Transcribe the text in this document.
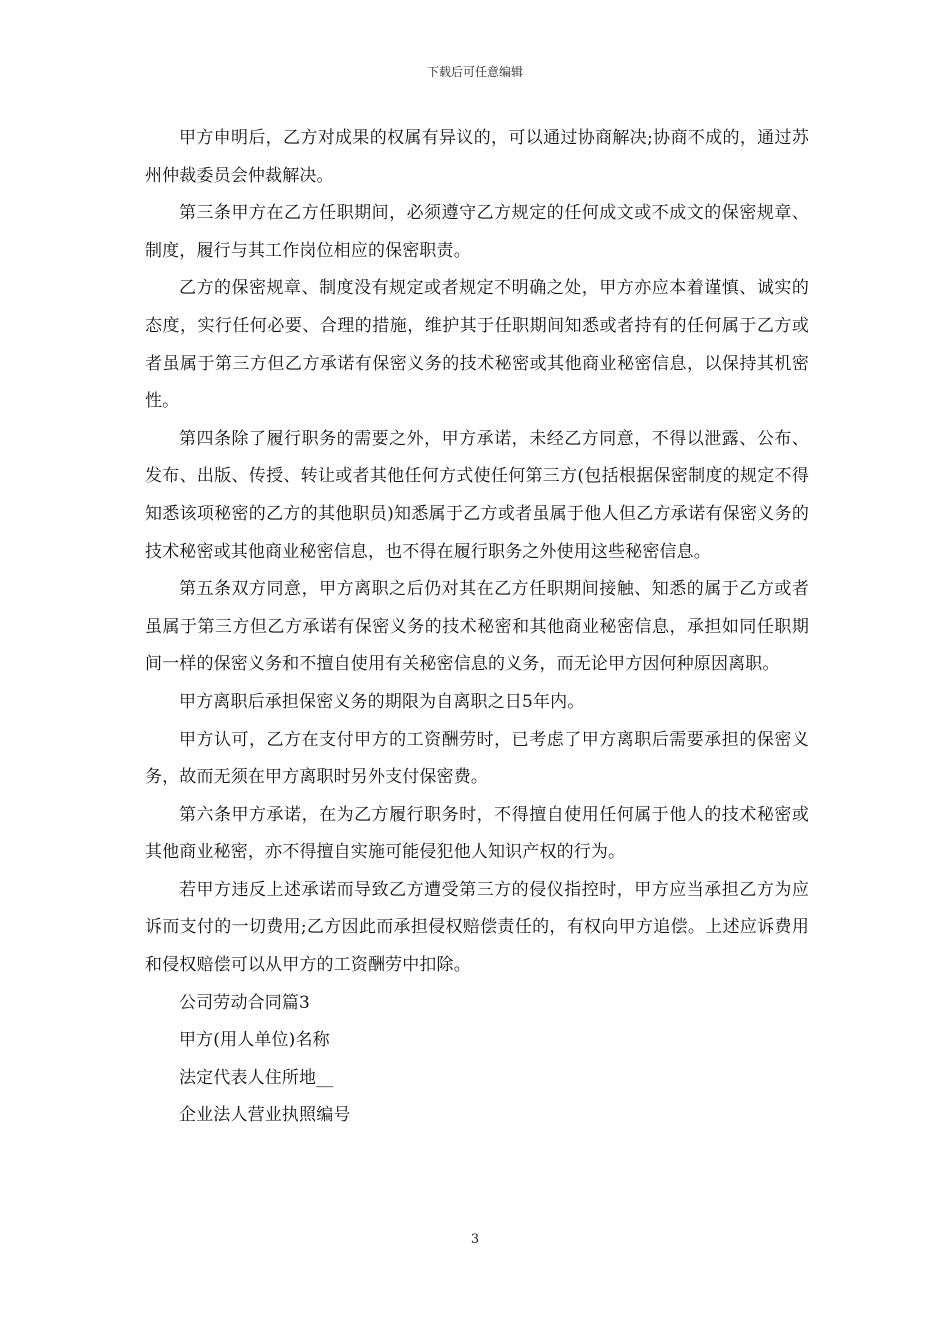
下载后可任意编辑

甲方申明后，乙方对成果的权属有异议的，可以通过协商解决;协商不成的，通过苏州仲裁委员会仲裁解决。

第三条甲方在乙方任职期间，必须遵守乙方规定的任何成文或不成文的保密规章、制度，履行与其工作岗位相应的保密职责。

乙方的保密规章、制度没有规定或者规定不明确之处，甲方亦应本着谨慎、诚实的态度，实行任何必要、合理的措施，维护其于任职期间知悉或者持有的任何属于乙方或者虽属于第三方但乙方承诺有保密义务的技术秘密或其他商业秘密信息，以保持其机密性。

第四条除了履行职务的需要之外，甲方承诺，未经乙方同意，不得以泄露、公布、发布、出版、传授、转让或者其他任何方式使任何第三方(包括根据保密制度的规定不得知悉该项秘密的乙方的其他职员)知悉属于乙方或者虽属于他人但乙方承诺有保密义务的技术秘密或其他商业秘密信息，也不得在履行职务之外使用这些秘密信息。

第五条双方同意，甲方离职之后仍对其在乙方任职期间接触、知悉的属于乙方或者虽属于第三方但乙方承诺有保密义务的技术秘密和其他商业秘密信息，承担如同任职期间一样的保密义务和不擅自使用有关秘密信息的义务，而无论甲方因何种原因离职。

甲方离职后承担保密义务的期限为自离职之日5年内。

甲方认可，乙方在支付甲方的工资酬劳时，已考虑了甲方离职后需要承担的保密义务，故而无须在甲方离职时另外支付保密费。

第六条甲方承诺，在为乙方履行职务时，不得擅自使用任何属于他人的技术秘密或其他商业秘密，亦不得擅自实施可能侵犯他人知识产权的行为。

若甲方违反上述承诺而导致乙方遭受第三方的侵仪指控时，甲方应当承担乙方为应诉而支付的一切费用;乙方因此而承担侵权赔偿责任的，有权向甲方追偿。上述应诉费用和侵权赔偿可以从甲方的工资酬劳中扣除。

公司劳动合同篇3

甲方(用人单位)名称

法定代表人住所地__

企业法人营业执照编号

3
